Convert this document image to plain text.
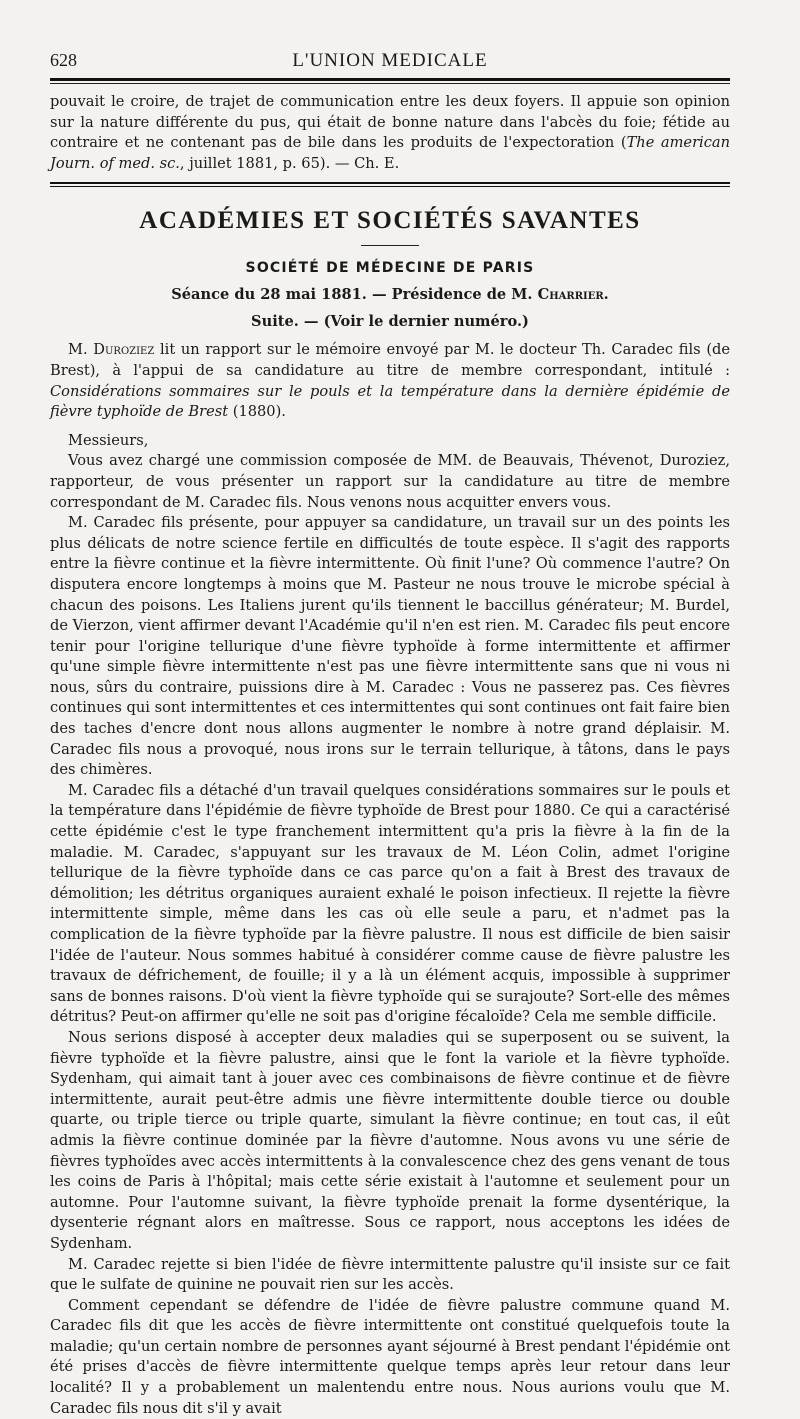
628	L'UNION MEDICALE

pouvait le croire, de trajet de communication entre les deux foyers. Il appuie son opinion sur la nature différente du pus, qui était de bonne nature dans l'abcès du foie; fétide au contraire et ne contenant pas de bile dans les produits de l'expectoration (The american Journ. of med. sc., juillet 1881, p. 65). — Ch. E.

ACADÉMIES ET SOCIÉTÉS SAVANTES
SOCIÉTÉ DE MÉDECINE DE PARIS
Séance du 28 mai 1881. — Présidence de M. Charrier.
Suite. — (Voir le dernier numéro.)

M. Duroziez lit un rapport sur le mémoire envoyé par M. le docteur Th. Caradec fils (de Brest), à l'appui de sa candidature au titre de membre correspondant, intitulé : Considérations sommaires sur le pouls et la température dans la dernière épidémie de fièvre typhoïde de Brest (1880).

Messieurs,

Vous avez chargé une commission composée de MM. de Beauvais, Thévenot, Duroziez, rapporteur, de vous présenter un rapport sur la candidature au titre de membre correspondant de M. Caradec fils. Nous venons nous acquitter envers vous.

M. Caradec fils présente, pour appuyer sa candidature, un travail sur un des points les plus délicats de notre science fertile en difficultés de toute espèce. Il s'agit des rapports entre la fièvre continue et la fièvre intermittente. Où finit l'une? Où commence l'autre? On disputera encore longtemps à moins que M. Pasteur ne nous trouve le microbe spécial à chacun des poisons. Les Italiens jurent qu'ils tiennent le baccillus générateur; M. Burdel, de Vierzon, vient affirmer devant l'Académie qu'il n'en est rien. M. Caradec fils peut encore tenir pour l'origine tellurique d'une fièvre typhoïde à forme intermittente et affirmer qu'une simple fièvre intermittente n'est pas une fièvre intermittente sans que ni vous ni nous, sûrs du contraire, puissions dire à M. Caradec : Vous ne passerez pas. Ces fièvres continues qui sont intermittentes et ces intermittentes qui sont continues ont fait faire bien des taches d'encre dont nous allons augmenter le nombre à notre grand déplaisir. M. Caradec fils nous a provoqué, nous irons sur le terrain tellurique, à tâtons, dans le pays des chimères.

M. Caradec fils a détaché d'un travail quelques considérations sommaires sur le pouls et la température dans l'épidémie de fièvre typhoïde de Brest pour 1880. Ce qui a caractérisé cette épidémie c'est le type franchement intermittent qu'a pris la fièvre à la fin de la maladie. M. Caradec, s'appuyant sur les travaux de M. Léon Colin, admet l'origine tellurique de la fièvre typhoïde dans ce cas parce qu'on a fait à Brest des travaux de démolition; les détritus organiques auraient exhalé le poison infectieux. Il rejette la fièvre intermittente simple, même dans les cas où elle seule a paru, et n'admet pas la complication de la fièvre typhoïde par la fièvre palustre. Il nous est difficile de bien saisir l'idée de l'auteur. Nous sommes habitué à considérer comme cause de fièvre palustre les travaux de défrichement, de fouille; il y a là un élément acquis, impossible à supprimer sans de bonnes raisons. D'où vient la fièvre typhoïde qui se surajoute? Sort-elle des mêmes détritus? Peut-on affirmer qu'elle ne soit pas d'origine fécaloïde? Cela me semble difficile.

Nous serions disposé à accepter deux maladies qui se superposent ou se suivent, la fièvre typhoïde et la fièvre palustre, ainsi que le font la variole et la fièvre typhoïde. Sydenham, qui aimait tant à jouer avec ces combinaisons de fièvre continue et de fièvre intermittente, aurait peut-être admis une fièvre intermittente double tierce ou double quarte, ou triple tierce ou triple quarte, simulant la fièvre continue; en tout cas, il eût admis la fièvre continue dominée par la fièvre d'automne. Nous avons vu une série de fièvres typhoïdes avec accès intermittents à la convalescence chez des gens venant de tous les coins de Paris à l'hôpital; mais cette série existait à l'automne et seulement pour un automne. Pour l'automne suivant, la fièvre typhoïde prenait la forme dysentérique, la dysenterie régnant alors en maîtresse. Sous ce rapport, nous acceptons les idées de Sydenham.

M. Caradec rejette si bien l'idée de fièvre intermittente palustre qu'il insiste sur ce fait que le sulfate de quinine ne pouvait rien sur les accès.

Comment cependant se défendre de l'idée de fièvre palustre commune quand M. Caradec fils dit que les accès de fièvre intermittente ont constitué quelquefois toute la maladie; qu'un certain nombre de personnes ayant séjourné à Brest pendant l'épidémie ont été prises d'accès de fièvre intermittente quelque temps après leur retour dans leur localité? Il y a probablement un malentendu entre nous. Nous aurions voulu que M. Caradec fils nous dit s'il y avait
